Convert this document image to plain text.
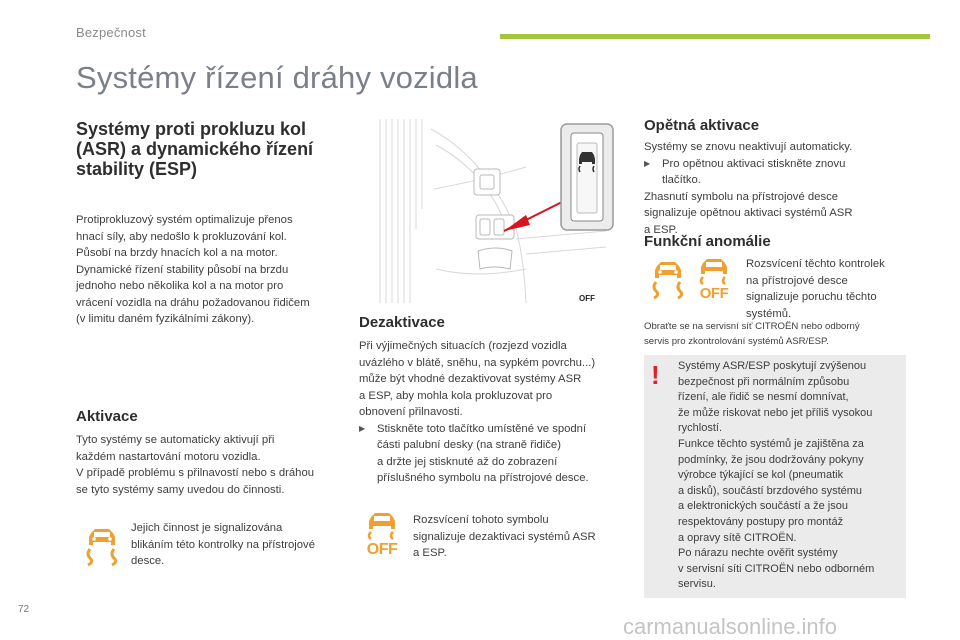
Bezpečnost
Systémy řízení dráhy vozidla
Systémy proti prokluzu kol (ASR) a dynamického řízení stability (ESP)
Protiprokluzový systém optimalizuje přenos
hnací síly, aby nedošlo k prokluzování kol.
Působí na brzdy hnacích kol a na motor.
Dynamické řízení stability působí na brzdu
jednoho nebo několika kol a na motor pro
vrácení vozidla na dráhu požadovanou řidičem
(v limitu daném fyzikálními zákony).
Aktivace
Tyto systémy se automaticky aktivují při
každém nastartování motoru vozidla.
V případě problému s přilnavostí nebo s dráhou
se tyto systémy samy uvedou do činnosti.
Jejich činnost je signalizována
blikáním této kontrolky na přístrojové
desce.
OFF
Dezaktivace
Při výjimečných situacích (rozjezd vozidla
uvázlého v blátě, sněhu, na sypkém povrchu...)
může být vhodné dezaktivovat systémy ASR
a ESP, aby mohla kola prokluzovat pro
obnovení přilnavosti.
▶	Stiskněte toto tlačítko umístěné ve spodní
části palubní desky (na straně řidiče)
a držte jej stisknuté až do zobrazení
příslušného symbolu na přístrojové desce.
OFF
Rozsvícení tohoto symbolu
signalizuje dezaktivaci systémů ASR
a ESP.
Opětná aktivace
Systémy se znovu neaktivují automaticky.
▶	Pro opětnou aktivaci stiskněte znovu
tlačítko.
Zhasnutí symbolu na přístrojové desce
signalizuje opětnou aktivaci systémů ASR
a ESP.
Funkční anomálie
OFF
Rozsvícení těchto kontrolek
na přístrojové desce
signalizuje poruchu těchto
systémů.
Obraťte se na servisní síť CITROËN nebo odborný
servis pro zkontrolování systémů ASR/ESP.
! Systémy ASR/ESP poskytují zvýšenou
bezpečnost při normálním způsobu
řízení, ale řidič se nesmí domnívat,
že může riskovat nebo jet příliš vysokou
rychlostí.
Funkce těchto systémů je zajištěna za
podmínky, že jsou dodržovány pokyny
výrobce týkající se kol (pneumatik
a disků), součástí brzdového systému
a elektronických součástí a že jsou
respektovány postupy pro montáž
a opravy sítě CITROËN.
Po nárazu nechte ověřit systémy
v servisní síti CITROËN nebo odborném
servisu.
72
carmanualsonline.info
